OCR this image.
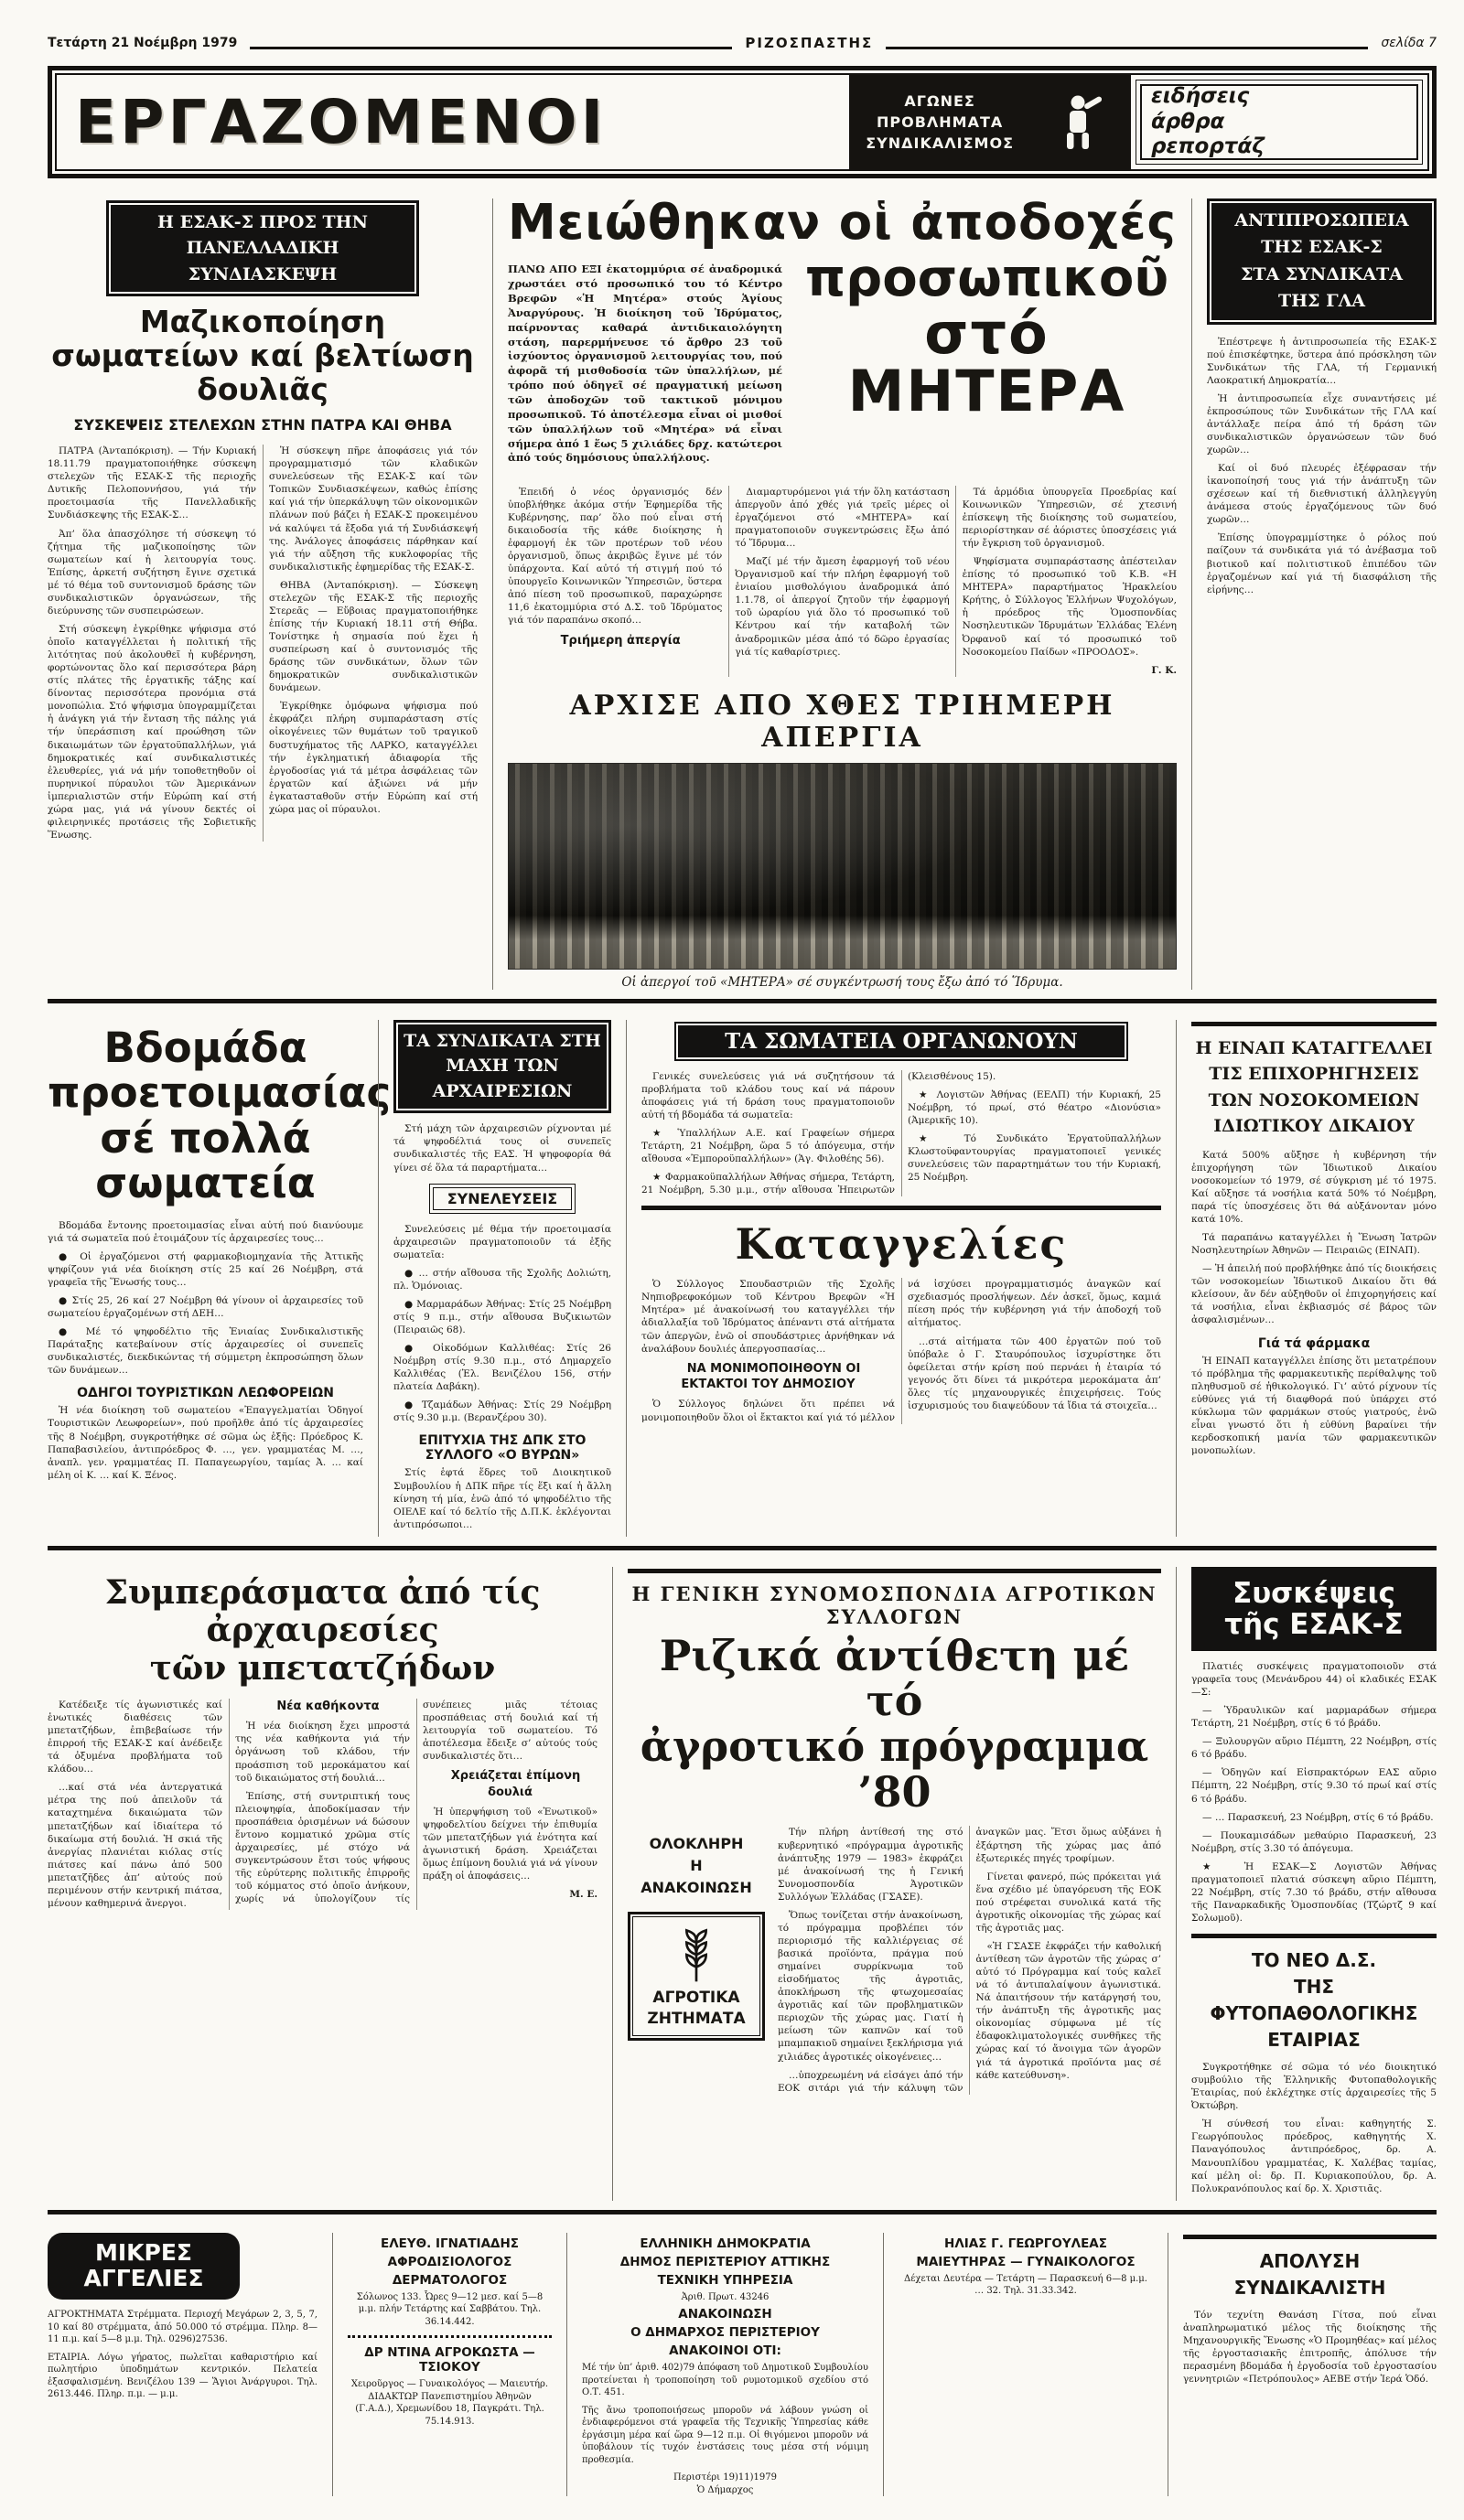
Τετάρτη 21 Νοέμβρη 1979	ΡΙΖΟΣΠΑΣΤΗΣ	σελίδα 7
ΕΡΓΑΖΟΜΕΝΟΙ	ΑΓΩΝΕΣ
ΠΡΟΒΛΗΜΑΤΑ
ΣΥΝΔΙΚΑΛΙΣΜΟΣ
ειδήσεις
άρθρα
ρεπορτάζ
Η ΕΣΑΚ-Σ ΠΡΟΣ ΤΗΝ
ΠΑΝΕΛΛΑΔΙΚΗ ΣΥΝΔΙΑΣΚΕΨΗ
Μαζικοποίηση σωματείων καί βελτίωση δουλιᾶς
ΣΥΣΚΕΨΕΙΣ ΣΤΕΛΕΧΩΝ ΣΤΗΝ ΠΑΤΡΑ ΚΑΙ ΘΗΒΑ

ΠΑΤΡΑ (Ἀνταπόκριση). — Τήν Κυριακή 18.11.79 πραγματοποιήθηκε σύσκεψη στελεχῶν τῆς ΕΣΑΚ-Σ τῆς περιοχῆς Δυτικῆς Πελοποννήσου, γιά τήν προετοιμασία τῆς Πανελλαδικῆς Συνδιάσκεψης τῆς ΕΣΑΚ-Σ…

Ἀπ’ ὅλα ἀπασχόλησε τή σύσκεψη τό ζήτημα τῆς μαζικοποίησης τῶν σωματείων καί ἡ λειτουργία τους. Ἐπίσης, ἀρκετή συζήτηση ἔγινε σχετικά μέ τό θέμα τοῦ συντονισμοῦ δράσης τῶν συνδικαλιστικῶν ὀργανώσεων, τῆς διεύρυνσης τῶν συσπειρώσεων.

Στή σύσκεψη ἐγκρίθηκε ψήφισμα στό ὁποῖο καταγγέλλεται ἡ πολιτική τῆς λιτότητας πού ἀκολουθεῖ ἡ κυβέρνηση, φορτώνοντας ὅλο καί περισσότερα βάρη στίς πλάτες τῆς ἐργατικῆς τάξης καί δίνοντας περισσότερα προνόμια στά μονοπώλια. Στό ψήφισμα ὑπογραμμίζεται ἡ ἀνάγκη γιά τήν ἔνταση τῆς πάλης γιά τήν ὑπεράσπιση καί προώθηση τῶν δικαιωμάτων τῶν ἐργατοϋπαλλήλων, γιά δημοκρατικές καί συνδικαλιστικές ἐλευθερίες, γιά νά μήν τοποθετηθοῦν οἱ πυρηνικοί πύραυλοι τῶν Ἀμερικάνων ἰμπεριαλιστῶν στήν Εὐρώπη καί στή χώρα μας, γιά νά γίνουν δεκτές οἱ φιλειρηνικές προτάσεις τῆς Σοβιετικῆς Ἕνωσης.

Ἡ σύσκεψη πῆρε ἀποφάσεις γιά τόν προγραμματισμό τῶν κλαδικῶν συνελεύσεων τῆς ΕΣΑΚ-Σ καί τῶν Τοπικῶν Συνδιασκέψεων, καθώς ἐπίσης καί γιά τήν ὑπερκάλυψη τῶν οἰκονομικῶν πλάνων πού βάζει ἡ ΕΣΑΚ-Σ προκειμένου νά καλύψει τά ἔξοδα γιά τή Συνδιάσκεψή της. Ἀνάλογες ἀποφάσεις πάρθηκαν καί γιά τήν αὔξηση τῆς κυκλοφορίας τῆς συνδικαλιστικῆς ἐφημερίδας τῆς ΕΣΑΚ-Σ.

ΘΗΒΑ (Ἀνταπόκριση). — Σύσκεψη στελεχῶν τῆς ΕΣΑΚ-Σ τῆς περιοχῆς Στερεᾶς — Εὔβοιας πραγματοποιήθηκε ἐπίσης τήν Κυριακή 18.11 στή Θήβα. Τονίστηκε ἡ σημασία πού ἔχει ἡ συσπείρωση καί ὁ συντονισμός τῆς δράσης τῶν συνδικάτων, ὅλων τῶν δημοκρατικῶν συνδικαλιστικῶν δυνάμεων.

Ἐγκρίθηκε ὁμόφωνα ψήφισμα πού ἐκφράζει πλήρη συμπαράσταση στίς οἰκογένειες τῶν θυμάτων τοῦ τραγικοῦ δυστυχήματος τῆς ΛΑΡΚΟ, καταγγέλλει τήν ἐγκληματική ἀδιαφορία τῆς ἐργοδοσίας γιά τά μέτρα ἀσφάλειας τῶν ἐργατῶν καί ἀξιώνει νά μήν ἐγκατασταθοῦν στήν Εὐρώπη καί στή χώρα μας οἱ πύραυλοι.

Μειώθηκαν οἱ ἀποδοχές

ΠΑΝΩ ΑΠΟ ΕΞΙ ἑκατομμύρια σέ ἀναδρομικά χρωστάει στό προσωπικό του τό Κέντρο Βρεφῶν «Ἡ Μητέρα» στούς Ἁγίους Ἀναργύρους. Ἡ διοίκηση τοῦ Ἱδρύματος, παίρνοντας καθαρά ἀντιδικαιολόγητη στάση, παρερμήνευσε τό ἄρθρο 23 τοῦ ἰσχύοντος ὀργανισμοῦ λειτουργίας του, πού ἀφορᾶ τή μισθοδοσία τῶν ὑπαλλήλων, μέ τρόπο πού ὁδηγεῖ σέ πραγματική μείωση τῶν ἀποδοχῶν τοῦ τακτικοῦ μόνιμου προσωπικοῦ. Τό ἀποτέλεσμα εἶναι οἱ μισθοί τῶν ὑπαλλήλων τοῦ «Μητέρα» νά εἶναι σήμερα ἀπό 1 ἕως 5 χιλιάδες δρχ. κατώτεροι ἀπό τούς δημόσιους ὑπαλλήλους.

προσωπικοῦ
στό ΜΗΤΕΡΑ

Ἐπειδή ὁ νέος ὀργανισμός δέν ὑποβλήθηκε ἀκόμα στήν Ἐφημερίδα τῆς Κυβέρνησης, παρ’ ὅλο πού εἶναι στή δικαιοδοσία τῆς κάθε διοίκησης ἡ ἐφαρμογή ἐκ τῶν προτέρων τοῦ νέου ὀργανισμοῦ, ὅπως ἀκριβῶς ἔγινε μέ τόν ὑπάρχοντα. Καί αὐτό τή στιγμή πού τό ὑπουργεῖο Κοινωνικῶν Ὑπηρεσιῶν, ὕστερα ἀπό πίεση τοῦ προσωπικοῦ, παραχώρησε 11,6 ἑκατομμύρια στό Δ.Σ. τοῦ Ἱδρύματος γιά τόν παραπάνω σκοπό…

Τριήμερη ἀπεργία

Διαμαρτυρόμενοι γιά τήν ὅλη κατάσταση ἀπεργοῦν ἀπό χθές γιά τρεῖς μέρες οἱ ἐργαζόμενοι στό «ΜΗΤΕΡΑ» καί πραγματοποιοῦν συγκεντρώσεις ἔξω ἀπό τό Ἵδρυμα…

Μαζί μέ τήν ἄμεση ἐφαρμογή τοῦ νέου Ὀργανισμοῦ καί τήν πλήρη ἐφαρμογή τοῦ ἑνιαίου μισθολόγιου ἀναδρομικά ἀπό 1.1.78, οἱ ἀπεργοί ζητοῦν τήν ἐφαρμογή τοῦ ὡραρίου γιά ὅλο τό προσωπικό τοῦ Κέντρου καί τήν καταβολή τῶν ἀναδρομικῶν μέσα ἀπό τό δῶρο ἐργασίας γιά τίς καθαρίστριες.

Τά ἁρμόδια ὑπουργεῖα Προεδρίας καί Κοινωνικῶν Ὑπηρεσιῶν, σέ χτεσινή ἐπίσκεψη τῆς διοίκησης τοῦ σωματείου, περιορίστηκαν σέ ἀόριστες ὑποσχέσεις γιά τήν ἔγκριση τοῦ ὀργανισμοῦ.

Ψηφίσματα συμπαράστασης ἀπέστειλαν ἐπίσης τό προσωπικό τοῦ Κ.Β. «Η ΜΗΤΕΡΑ» παραρτήματος Ἡρακλείου Κρήτης, ὁ Σύλλογος Ἑλλήνων Ψυχολόγων, ἡ πρόεδρος τῆς Ὁμοσπονδίας Νοσηλευτικῶν Ἱδρυμάτων Ἑλλάδας Ἑλένη Ὀρφανοῦ καί τό προσωπικό τοῦ Νοσοκομείου Παίδων «ΠΡΟΟΔΟΣ».

Γ. Κ.

ΑΡΧΙΣΕ ΑΠΟ ΧΘΕΣ ΤΡΙΗΜΕΡΗ ΑΠΕΡΓΙΑ
Οἱ ἀπεργοί τοῦ «ΜΗΤΕΡΑ» σέ συγκέντρωσή τους ἔξω ἀπό τό Ἵδρυμα.
ΑΝΤΙΠΡΟΣΩΠΕΙΑ
ΤΗΣ ΕΣΑΚ-Σ
ΣΤΑ ΣΥΝΔΙΚΑΤΑ
ΤΗΣ ΓΛΑ

Ἐπέστρεψε ἡ ἀντιπροσωπεία τῆς ΕΣΑΚ-Σ πού ἐπισκέφτηκε, ὕστερα ἀπό πρόσκληση τῶν Συνδικάτων τῆς ΓΛΑ, τή Γερμανική Λαοκρατική Δημοκρατία…

Ἡ ἀντιπροσωπεία εἶχε συναντήσεις μέ ἐκπροσώπους τῶν Συνδικάτων τῆς ΓΛΑ καί ἀντάλλαξε πείρα ἀπό τή δράση τῶν συνδικαλιστικῶν ὀργανώσεων τῶν δυό χωρῶν…

Καί οἱ δυό πλευρές ἐξέφρασαν τήν ἱκανοποίησή τους γιά τήν ἀνάπτυξη τῶν σχέσεων καί τή διεθνιστική ἀλληλεγγύη ἀνάμεσα στούς ἐργαζόμενους τῶν δυό χωρῶν…

Ἐπίσης ὑπογραμμίστηκε ὁ ρόλος πού παίζουν τά συνδικάτα γιά τό ἀνέβασμα τοῦ βιοτικοῦ καί πολιτιστικοῦ ἐπιπέδου τῶν ἐργαζομένων καί γιά τή διασφάλιση τῆς εἰρήνης…

Βδομάδα προετοιμασίας σέ πολλά σωματεία

Βδομάδα ἔντονης προετοιμασίας εἶναι αὐτή πού διανύουμε γιά τά σωματεῖα πού ἑτοιμάζουν τίς ἀρχαιρεσίες τους…

● Οἱ ἐργαζόμενοι στή φαρμακοβιομηχανία τῆς Ἀττικῆς ψηφίζουν γιά νέα διοίκηση στίς 25 καί 26 Νοέμβρη, στά γραφεῖα τῆς Ἕνωσής τους…

● Στίς 25, 26 καί 27 Νοέμβρη θά γίνουν οἱ ἀρχαιρεσίες τοῦ σωματείου ἐργαζομένων στή ΔΕΗ…

● Μέ τό ψηφοδέλτιο τῆς Ἑνιαίας Συνδικαλιστικῆς Παράταξης κατεβαίνουν στίς ἀρχαιρεσίες οἱ συνεπεῖς συνδικαλιστές, διεκδικώντας τή σύμμετρη ἐκπροσώπηση ὅλων τῶν δυνάμεων…

ΟΔΗΓΟΙ ΤΟΥΡΙΣΤΙΚΩΝ ΛΕΩΦΟΡΕΙΩΝ

Ἡ νέα διοίκηση τοῦ σωματείου «Ἐπαγγελματίαι Ὁδηγοί Τουριστικῶν Λεωφορείων», πού προῆλθε ἀπό τίς ἀρχαιρεσίες τῆς 8 Νοέμβρη, συγκροτήθηκε σέ σῶμα ὡς ἑξῆς: Πρόεδρος Κ. Παπαβασιλείου, ἀντιπρόεδρος Φ. …, γεν. γραμματέας Μ. …, ἀναπλ. γεν. γραμματέας Π. Παπαγεωργίου, ταμίας Ἀ. … καί μέλη οἱ Κ. … καί Κ. Ξένος.

ΤΑ ΣΥΝΔΙΚΑΤΑ ΣΤΗ
ΜΑΧΗ ΤΩΝ ΑΡΧΑΙΡΕΣΙΩΝ

Στή μάχη τῶν ἀρχαιρεσιῶν ρίχνονται μέ τά ψηφοδέλτιά τους οἱ συνεπεῖς συνδικαλιστές τῆς ΕΑΣ. Ἡ ψηφοφορία θά γίνει σέ ὅλα τά παραρτήματα…

ΣΥΝΕΛΕΥΣΕΙΣ

Συνελεύσεις μέ θέμα τήν προετοιμασία ἀρχαιρεσιῶν πραγματοποιοῦν τά ἑξῆς σωματεῖα:

● … στήν αἴθουσα τῆς Σχολῆς Δολιώτη, πλ. Ὁμόνοιας.

● Μαρμαράδων Ἀθήνας: Στίς 25 Νοέμβρη στίς 9 π.μ., στήν αἴθουσα Βυζικιωτῶν (Πειραιῶς 68).

● Οἰκοδόμων Καλλιθέας: Στίς 26 Νοέμβρη στίς 9.30 π.μ., στό Δημαρχεῖο Καλλιθέας (Ἐλ. Βενιζέλου 156, στήν πλατεία Δαβάκη).

● Τζαμάδων Ἀθήνας: Στίς 29 Νοέμβρη στίς 9.30 μ.μ. (Βερανζέρου 30).

ΕΠΙΤΥΧΙΑ ΤΗΣ ΔΠΚ ΣΤΟ ΣΥΛΛΟΓΟ «Ο ΒΥΡΩΝ»

Στίς ἑφτά ἕδρες τοῦ Διοικητικοῦ Συμβουλίου ἡ ΔΠΚ πῆρε τίς ἕξι καί ἡ ἄλλη κίνηση τή μία, ἐνῶ ἀπό τό ψηφοδέλτιο τῆς ΟΙΕΛΕ καί τό δελτίο τῆς Δ.Π.Κ. ἐκλέγονται ἀντιπρόσωποι…

ΤΑ ΣΩΜΑΤΕΙΑ ΟΡΓΑΝΩΝΟΥΝ

Γενικές συνελεύσεις γιά νά συζητήσουν τά προβλήματα τοῦ κλάδου τους καί νά πάρουν ἀποφάσεις γιά τή δράση τους πραγματοποιοῦν αὐτή τή βδομάδα τά σωματεῖα:

★ Ὑπαλλήλων Α.Ε. καί Γραφείων σήμερα Τετάρτη, 21 Νοέμβρη, ὥρα 5 τό ἀπόγευμα, στήν αἴθουσα «Ἐμποροϋπαλλήλων» (Ἁγ. Φιλοθέης 56).

★ Φαρμακοϋπαλλήλων Ἀθήνας σήμερα, Τετάρτη, 21 Νοέμβρη, 5.30 μ.μ., στήν αἴθουσα Ἠπειρωτῶν (Κλεισθένους 15).

★ Λογιστῶν Ἀθήνας (ΕΕΛΠ) τήν Κυριακή, 25 Νοέμβρη, τό πρωί, στό θέατρο «Διονύσια» (Ἀμερικῆς 10).

★ Τό Συνδικάτο Ἐργατοϋπαλλήλων Κλωστοϋφαντουργίας πραγματοποιεῖ γενικές συνελεύσεις τῶν παραρτημάτων του τήν Κυριακή, 25 Νοέμβρη.

Καταγγελίες

Ὁ Σύλλογος Σπουδαστριῶν τῆς Σχολῆς Νηπιοβρεφοκόμων τοῦ Κέντρου Βρεφῶν «Ἡ Μητέρα» μέ ἀνακοίνωσή του καταγγέλλει τήν ἀδιαλλαξία τοῦ Ἱδρύματος ἀπέναντι στά αἰτήματα τῶν ἀπεργῶν, ἐνῶ οἱ σπουδάστριες ἀρνήθηκαν νά ἀναλάβουν δουλιές ἀπεργοσπασίας…

ΝΑ ΜΟΝΙΜΟΠΟΙΗΘΟΥΝ ΟΙ ΕΚΤΑΚΤΟΙ ΤΟΥ ΔΗΜΟΣΙΟΥ

Ὁ Σύλλογος δηλώνει ὅτι πρέπει νά μονιμοποιηθοῦν ὅλοι οἱ ἔκτακτοι καί γιά τό μέλλον νά ἰσχύσει προγραμματισμός ἀναγκῶν καί σχεδιασμός προσλήψεων. Δέν ἀσκεῖ, ὅμως, καμιά πίεση πρός τήν κυβέρνηση γιά τήν ἀποδοχή τοῦ αἰτήματος.

…στά αἰτήματα τῶν 400 ἐργατῶν πού τοῦ ὑπόβαλε ὁ Γ. Σταυρόπουλος ἰσχυρίστηκε ὅτι ὀφείλεται στήν κρίση πού περνάει ἡ ἑταιρία τό γεγονός ὅτι δίνει τά μικρότερα μεροκάματα ἀπ’ ὅλες τίς μηχανουργικές ἐπιχειρήσεις. Τούς ἰσχυρισμούς του διαψεύδουν τά ἴδια τά στοιχεῖα…

Η ΕΙΝΑΠ ΚΑΤΑΓΓΕΛΛΕΙ
ΤΙΣ ΕΠΙΧΟΡΗΓΗΣΕΙΣ
ΤΩΝ ΝΟΣΟΚΟΜΕΙΩΝ
ΙΔΙΩΤΙΚΟΥ ΔΙΚΑΙΟΥ

Κατά 500% αὔξησε ἡ κυβέρνηση τήν ἐπιχορήγηση τῶν Ἰδιωτικοῦ Δικαίου νοσοκομείων τό 1979, σέ σύγκριση μέ τό 1975. Καί αὔξησε τά νοσήλια κατά 50% τό Νοέμβρη, παρά τίς ὑποσχέσεις ὅτι θά αὐξάνονταν μόνο κατά 10%.

Τά παραπάνω καταγγέλλει ἡ Ἕνωση Ἰατρῶν Νοσηλευτηρίων Ἀθηνῶν — Πειραιῶς (ΕΙΝΑΠ).

— Ἡ ἀπειλή πού προβλήθηκε ἀπό τίς διοικήσεις τῶν νοσοκομείων Ἰδιωτικοῦ Δικαίου ὅτι θά κλείσουν, ἄν δέν αὐξηθοῦν οἱ ἐπιχορηγήσεις καί τά νοσήλια, εἶναι ἐκβιασμός σέ βάρος τῶν ἀσφαλισμένων…

Γιά τά φάρμακα

Ἡ ΕΙΝΑΠ καταγγέλλει ἐπίσης ὅτι μετατρέπουν τό πρόβλημα τῆς φαρμακευτικῆς περίθαλψης τοῦ πληθυσμοῦ σέ ἠθικολογικό. Γι’ αὐτό ρίχνουν τίς εὐθύνες γιά τή διαφθορά πού ὑπάρχει στό κύκλωμα τῶν φαρμάκων στούς γιατρούς, ἐνῶ εἶναι γνωστό ὅτι ἡ εὐθύνη βαραίνει τήν κερδοσκοπική μανία τῶν φαρμακευτικῶν μονοπωλίων.

Συμπεράσματα ἀπό τίς ἀρχαιρεσίες
τῶν μπετατζήδων

Κατέδειξε τίς ἀγωνιστικές καί ἑνωτικές διαθέσεις τῶν μπετατζήδων, ἐπιβεβαίωσε τήν ἐπιρροή τῆς ΕΣΑΚ-Σ καί ἀνέδειξε τά ὀξυμένα προβλήματα τοῦ κλάδου…

…καί στά νέα ἀντεργατικά μέτρα της πού ἀπειλοῦν τά καταχτημένα δικαιώματα τῶν μπετατζήδων καί ἰδιαίτερα τό δικαίωμα στή δουλιά. Ἡ σκιά τῆς ἀνεργίας πλανιέται κιόλας στίς πιάτσες καί πάνω ἀπό 500 μπετατζῆδες ἀπ’ αὐτούς πού περιμένουν στήν κεντρική πιάτσα, μένουν καθημερινά ἄνεργοι.

Νέα καθήκοντα

Ἡ νέα διοίκηση ἔχει μπροστά της νέα καθήκοντα γιά τήν ὀργάνωση τοῦ κλάδου, τήν προάσπιση τοῦ μεροκάματου καί τοῦ δικαιώματος στή δουλιά…

Ἐπίσης, στή συντριπτική τους πλειοψηφία, ἀποδοκίμασαν τήν προσπάθεια ὁρισμένων νά δώσουν ἔντονο κομματικό χρῶμα στίς ἀρχαιρεσίες, μέ στόχο νά συγκεντρώσουν ἔτσι τούς ψήφους τῆς εὐρύτερης πολιτικῆς ἐπιρροῆς τοῦ κόμματος στό ὁποῖο ἀνήκουν, χωρίς νά ὑπολογίζουν τίς συνέπειες μιᾶς τέτοιας προσπάθειας στή δουλιά καί τή λειτουργία τοῦ σωματείου. Τό ἀποτέλεσμα ἔδειξε σ’ αὐτούς τούς συνδικαλιστές ὅτι…

Χρειάζεται ἐπίμονη δουλιά

Ἡ ὑπερψήφιση τοῦ «Ἑνωτικοῦ» ψηφοδελτίου δείχνει τήν ἐπιθυμία τῶν μπετατζήδων γιά ἑνότητα καί ἀγωνιστική δράση. Χρειάζεται ὅμως ἐπίμονη δουλιά γιά νά γίνουν πράξη οἱ ἀποφάσεις…

Μ. Ε.

Η ΓΕΝΙΚΗ ΣΥΝΟΜΟΣΠΟΝΔΙΑ ΑΓΡΟΤΙΚΩΝ ΣΥΛΛΟΓΩΝ
Ριζικά ἀντίθετη μέ τό
ἀγροτικό πρόγραμμα ’80
ΟΛΟΚΛΗΡΗ
Η
ΑΝΑΚΟΙΝΩΣΗ
ΑΓΡΟΤΙΚΑ
ΖΗΤΗΜΑΤΑ

Τήν πλήρη ἀντίθεσή της στό κυβερνητικό «πρόγραμμα ἀγροτικῆς ἀνάπτυξης 1979 — 1983» ἐκφράζει μέ ἀνακοίνωσή της ἡ Γενική Συνομοσπονδία Ἀγροτικῶν Συλλόγων Ἑλλάδας (ΓΣΑΣΕ).

Ὅπως τονίζεται στήν ἀνακοίνωση, τό πρόγραμμα προβλέπει τόν περιορισμό τῆς καλλιέργειας σέ βασικά προϊόντα, πράγμα πού σημαίνει συρρίκνωμα τοῦ εἰσοδήματος τῆς ἀγροτιᾶς, ἀποκλήρωση τῆς φτωχομεσαίας ἀγροτιᾶς καί τῶν προβληματικῶν περιοχῶν τῆς χώρας μας. Γιατί ἡ μείωση τῶν καπνῶν καί τοῦ μπαμπακιοῦ σημαίνει ξεκλήρισμα γιά χιλιάδες ἀγροτικές οἰκογένειες…

…ὑποχρεωμένη νά εἰσάγει ἀπό τήν ΕΟΚ σιτάρι γιά τήν κάλυψη τῶν ἀναγκῶν μας. Ἔτσι ὅμως αὐξάνει ἡ ἐξάρτηση τῆς χώρας μας ἀπό ἐξωτερικές πηγές τροφίμων.

Γίνεται φανερό, πώς πρόκειται γιά ἕνα σχέδιο μέ ὑπαγόρευση τῆς ΕΟΚ πού στρέφεται συνολικά κατά τῆς ἀγροτικῆς οἰκονομίας τῆς χώρας καί τῆς ἀγροτιᾶς μας.

«Ἡ ΓΣΑΣΕ ἐκφράζει τήν καθολική ἀντίθεση τῶν ἀγροτῶν τῆς χώρας σ’ αὐτό τό Πρόγραμμα καί τούς καλεῖ νά τό ἀντιπαλαίψουν ἀγωνιστικά. Νά ἀπαιτήσουν τήν κατάργησή του, τήν ἀνάπτυξη τῆς ἀγροτικῆς μας οἰκονομίας σύμφωνα μέ τίς ἐδαφοκλιματολογικές συνθῆκες τῆς χώρας καί τό ἄνοιγμα τῶν ἀγορῶν γιά τά ἀγροτικά προϊόντα μας σέ κάθε κατεύθυνση».

Συσκέψεις
τῆς ΕΣΑΚ-Σ

Πλατιές συσκέψεις πραγματοποιοῦν στά γραφεῖα τους (Μενάνδρου 44) οἱ κλαδικές ΕΣΑΚ—Σ:

— Ὑδραυλικῶν καί μαρμαράδων σήμερα Τετάρτη, 21 Νοέμβρη, στίς 6 τό βράδυ.

— Ξυλουργῶν αὔριο Πέμπτη, 22 Νοέμβρη, στίς 6 τό βράδυ.

— Ὁδηγῶν καί Εἰσπρακτόρων ΕΑΣ αὔριο Πέμπτη, 22 Νοέμβρη, στίς 9.30 τό πρωί καί στίς 6 τό βράδυ.

— … Παρασκευή, 23 Νοέμβρη, στίς 6 τό βράδυ.

— Πουκαμισάδων μεθαύριο Παρασκευή, 23 Νοέμβρη, στίς 3.30 τό ἀπόγευμα.

★ Ἡ ΕΣΑΚ—Σ Λογιστῶν Ἀθήνας πραγματοποιεῖ πλατιά σύσκεψη αὔριο Πέμπτη, 22 Νοέμβρη, στίς 7.30 τό βράδυ, στήν αἴθουσα τῆς Παναρκαδικῆς Ὁμοσπονδίας (Τζώρτζ 9 καί Σολωμοῦ).

ΤΟ ΝΕΟ Δ.Σ.
ΤΗΣ ΦΥΤΟΠΑΘΟΛΟΓΙΚΗΣ
ΕΤΑΙΡΙΑΣ

Συγκροτήθηκε σέ σῶμα τό νέο διοικητικό συμβούλιο τῆς Ἑλληνικῆς Φυτοπαθολογικῆς Ἑταιρίας, πού ἐκλέχτηκε στίς ἀρχαιρεσίες τῆς 5 Ὀκτώβρη.

Ἡ σύνθεσή του εἶναι: καθηγητής Σ. Γεωργόπουλος πρόεδρος, καθηγητής Χ. Παναγόπουλος ἀντιπρόεδρος, δρ. Α. Μανουπλίδου γραμματέας, Κ. Χαλέβας ταμίας, καί μέλη οἱ: δρ. Π. Κυριακοπούλου, δρ. Α. Πολυκρανόπουλος καί δρ. Χ. Χριστιᾶς.

ΜΙΚΡΕΣ
ΑΓΓΕΛΙΕΣ

ΑΓΡΟΚΤΗΜΑΤΑ Στρέμματα. Περιοχή Μεγάρων 2, 3, 5, 7, 10 καί 80 στρέμματα, ἀπό 50.000 τό στρέμμα. Πληρ. 8—11 π.μ. καί 5—8 μ.μ. Τηλ. 0296)27536.

ΕΤΑΙΡΙΑ. Λόγω γήρατος, πωλεῖται καθαριστήριο καί πωλητήριο ὑποδημάτων κεντρικόν. Πελατεία ἐξασφαλισμένη. Βενιζέλου 139 — Ἅγιοι Ἀνάργυροι. Τηλ. 2613.446. Πληρ. π.μ. — μ.μ.

ΕΛΕΥΘ. ΙΓΝΑΤΙΑΔΗΣ
ΑΦΡΟΔΙΣΙΟΛΟΓΟΣ
ΔΕΡΜΑΤΟΛΟΓΟΣ
Σόλωνος 133. Ὧρες 9—12 μεσ. καί 5—8 μ.μ. πλήν Τετάρτης καί Σαββάτου. Τηλ. 36.14.442.
ΔΡ ΝΤΙΝΑ ΑΓΡΟΚΩΣΤΑ — ΤΣΙΟΚΟΥ
Χειροῦργος — Γυναικολόγος — Μαιευτήρ. ΔΙΔΑΚΤΩΡ Πανεπιστημίου Ἀθηνῶν (Γ.Α.Δ.), Χρεμωνίδου 18, Παγκράτι. Τηλ. 75.14.913.
ΕΛΛΗΝΙΚΗ ΔΗΜΟΚΡΑΤΙΑ
ΔΗΜΟΣ ΠΕΡΙΣΤΕΡΙΟΥ ΑΤΤΙΚΗΣ
ΤΕΧΝΙΚΗ ΥΠΗΡΕΣΙΑ
Ἀριθ. Πρωτ. 43246
ΑΝΑΚΟΙΝΩΣΗ
Ο ΔΗΜΑΡΧΟΣ ΠΕΡΙΣΤΕΡΙΟΥ
ΑΝΑΚΟΙΝΟΙ ΟΤΙ:

Μέ τήν ὑπ’ ἀριθ. 402)79 ἀπόφαση τοῦ Δημοτικοῦ Συμβουλίου προτείνεται ἡ τροποποίηση τοῦ ρυμοτομικοῦ σχεδίου στό Ο.Τ. 451.

Τῆς ἄνω τροποποιήσεως μποροῦν νά λάβουν γνώση οἱ ἐνδιαφερόμενοι στά γραφεῖα τῆς Τεχνικῆς Ὑπηρεσίας κάθε ἐργάσιμη μέρα καί ὥρα 9—12 π.μ. Οἱ θιγόμενοι μποροῦν νά ὑποβάλουν τίς τυχόν ἐνστάσεις τους μέσα στή νόμιμη προθεσμία.

Περιστέρι 19)11)1979
Ὁ Δήμαρχος
ΗΛΙΑΣ Γ. ΓΕΩΡΓΟΥΛΕΑΣ
ΜΑΙΕΥΤΗΡΑΣ — ΓΥΝΑΙΚΟΛΟΓΟΣ
Δέχεται Δευτέρα — Τετάρτη — Παρασκευή 6—8 μ.μ.
… 32. Τηλ. 31.33.342.
ΑΠΟΛΥΣΗ
ΣΥΝΔΙΚΑΛΙΣΤΗ

Τόν τεχνίτη Θανάση Γίτσα, πού εἶναι ἀναπληρωματικό μέλος τῆς διοίκησης τῆς Μηχανουργικῆς Ἕνωσης «Ὁ Προμηθέας» καί μέλος τῆς ἐργοστασιακῆς ἐπιτροπῆς, ἀπόλυσε τήν περασμένη βδομάδα ἡ ἐργοδοσία τοῦ ἐργοστασίου γεννητριῶν «Πετρόπουλος» ΑΕΒΕ στήν Ἱερά Ὁδό.
